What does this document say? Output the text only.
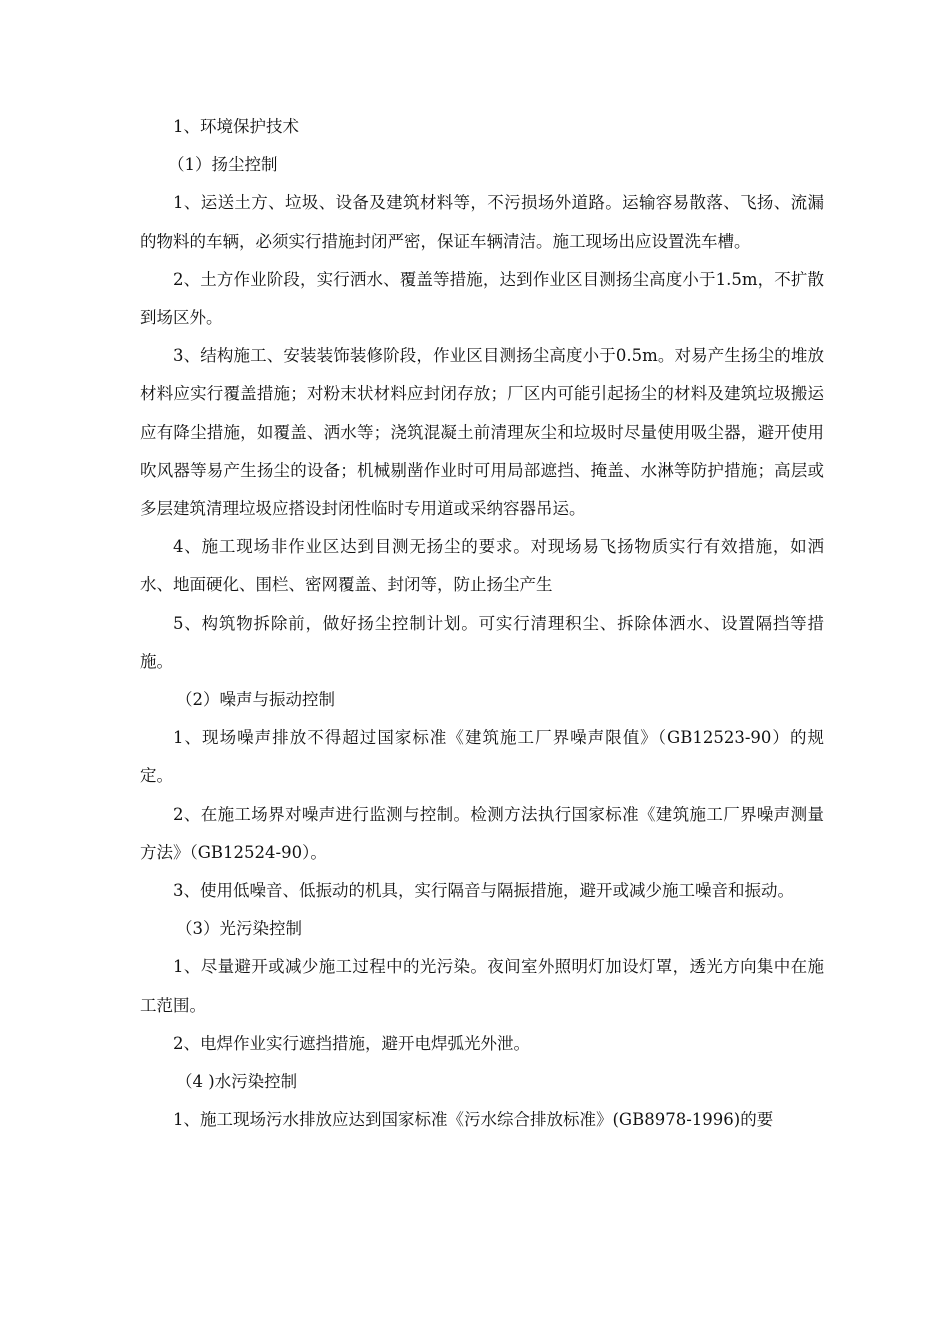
1、环境保护技术

（1）扬尘控制

1、运送土方、垃圾、设备及建筑材料等，不污损场外道路。运输容易散落、飞扬、流漏的物料的车辆，必须实行措施封闭严密，保证车辆清洁。施工现场出应设置洗车槽。

2、土方作业阶段，实行洒水、覆盖等措施，达到作业区目测扬尘高度小于1.5m，不扩散到场区外。

3、结构施工、安装装饰装修阶段，作业区目测扬尘高度小于0.5m。对易产生扬尘的堆放材料应实行覆盖措施；对粉末状材料应封闭存放；厂区内可能引起扬尘的材料及建筑垃圾搬运应有降尘措施，如覆盖、洒水等；浇筑混凝土前清理灰尘和垃圾时尽量使用吸尘器，避开使用吹风器等易产生扬尘的设备；机械剔凿作业时可用局部遮挡、掩盖、水淋等防护措施；高层或多层建筑清理垃圾应搭设封闭性临时专用道或采纳容器吊运。

4、施工现场非作业区达到目测无扬尘的要求。对现场易飞扬物质实行有效措施，如洒水、地面硬化、围栏、密网覆盖、封闭等，防止扬尘产生

5、构筑物拆除前，做好扬尘控制计划。可实行清理积尘、拆除体洒水、设置隔挡等措施。

（2）噪声与振动控制

1、现场噪声排放不得超过国家标准《建筑施工厂界噪声限值》（GB12523-90）的规定。

2、在施工场界对噪声进行监测与控制。检测方法执行国家标准《建筑施工厂界噪声测量方法》（GB12524-90）。

3、使用低噪音、低振动的机具，实行隔音与隔振措施，避开或减少施工噪音和振动。

（3）光污染控制

1、尽量避开或减少施工过程中的光污染。夜间室外照明灯加设灯罩，透光方向集中在施工范围。

2、电焊作业实行遮挡措施，避开电焊弧光外泄。

（4 )水污染控制

1、施工现场污水排放应达到国家标准《污水综合排放标准》(GB8978-1996)的要
